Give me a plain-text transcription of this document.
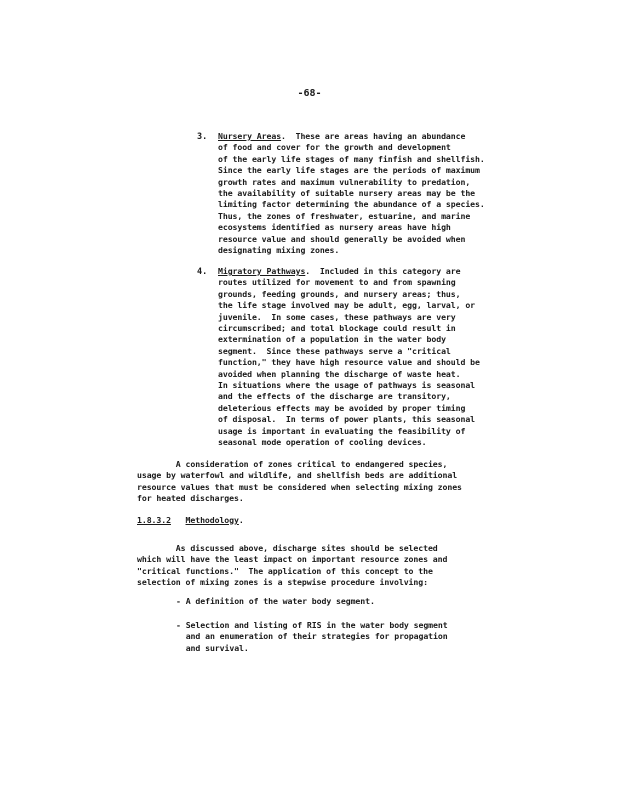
-68-
3. Nursery Areas.  These are areas having an abundance
of food and cover for the growth and development
of the early life stages of many finfish and shellfish.
Since the early life stages are the periods of maximum
growth rates and maximum vulnerability to predation,
the availability of suitable nursery areas may be the
limiting factor determining the abundance of a species.
Thus, the zones of freshwater, estuarine, and marine
ecosystems identified as nursery areas have high
resource value and should generally be avoided when
designating mixing zones.
4. Migratory Pathways.  Included in this category are
routes utilized for movement to and from spawning
grounds, feeding grounds, and nursery areas; thus,
the life stage involved may be adult, egg, larval, or
juvenile.  In some cases, these pathways are very
circumscribed; and total blockage could result in
extermination of a population in the water body
segment.  Since these pathways serve a "critical
function," they have high resource value and should be
avoided when planning the discharge of waste heat.
In situations where the usage of pathways is seasonal
and the effects of the discharge are transitory,
deleterious effects may be avoided by proper timing
of disposal.  In terms of power plants, this seasonal
usage is important in evaluating the feasibility of
seasonal mode operation of cooling devices.
A consideration of zones critical to endangered species,
usage by waterfowl and wildlife, and shellfish beds are additional
resource values that must be considered when selecting mixing zones
for heated discharges.
1.8.3.2 Methodology.
As discussed above, discharge sites should be selected
which will have the least impact on important resource zones and
"critical functions."  The application of this concept to the
selection of mixing zones is a stepwise procedure involving:
- A definition of the water body segment.
- Selection and listing of RIS in the water body segment
and an enumeration of their strategies for propagation
and survival.
